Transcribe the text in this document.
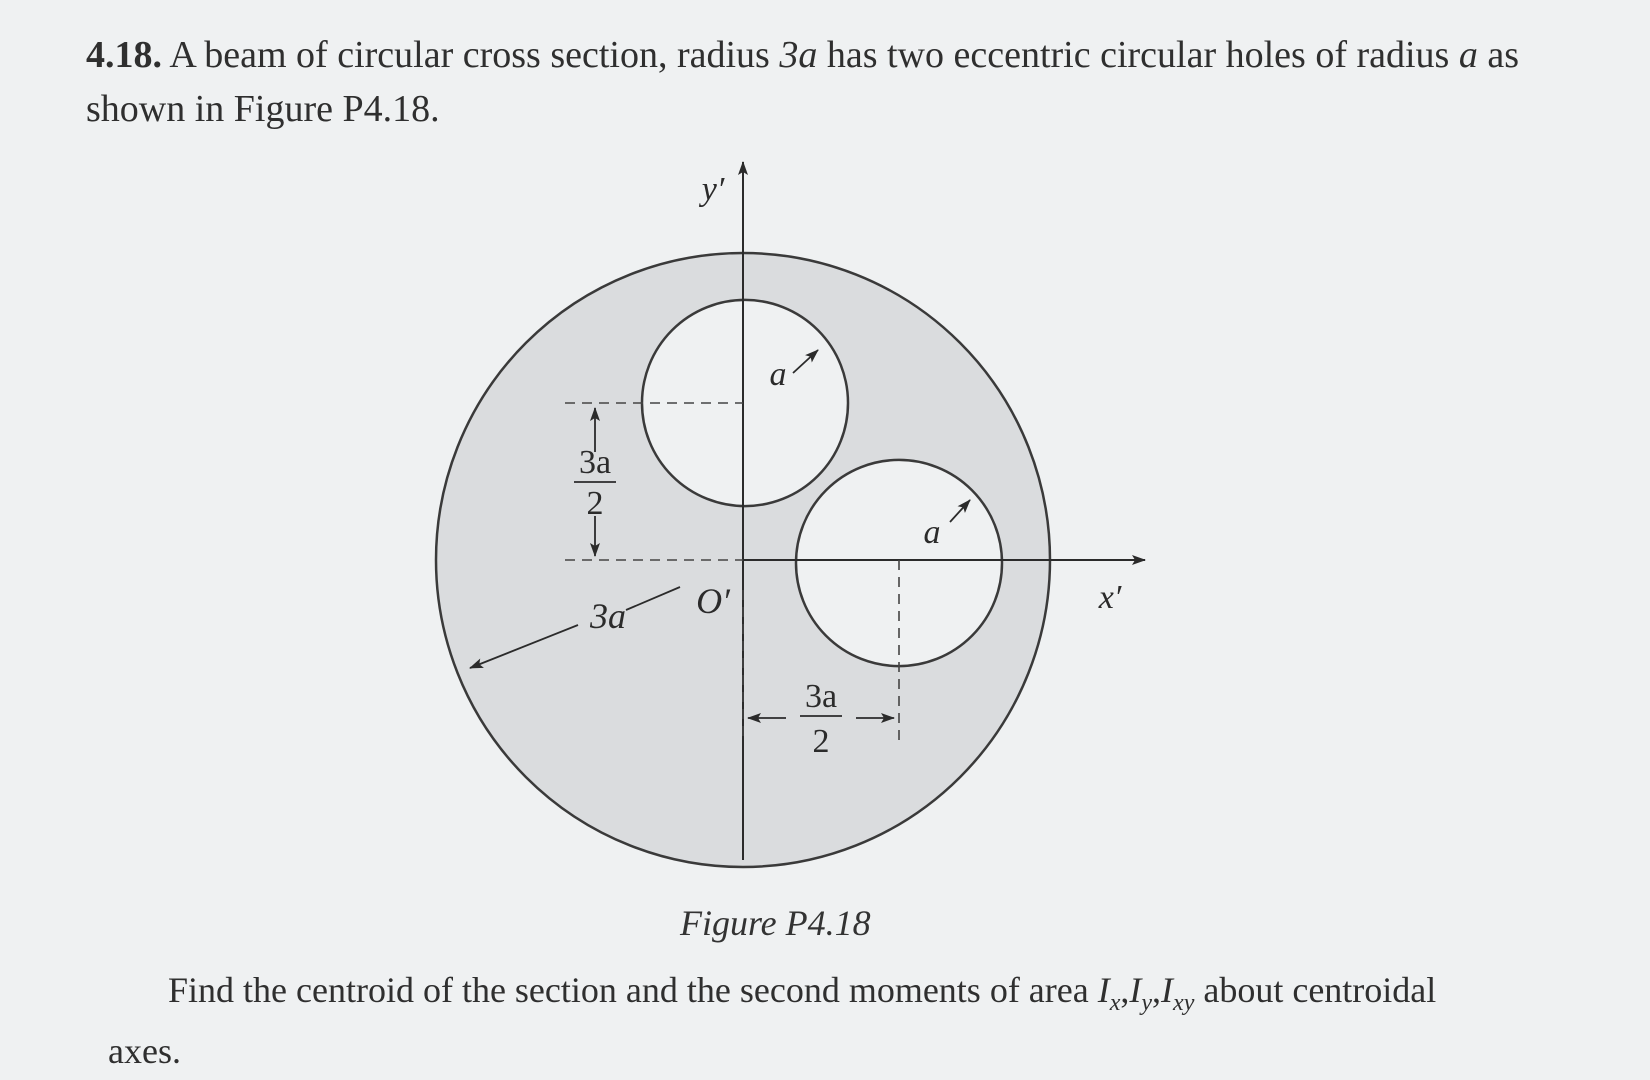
4.18. A beam of circular cross section, radius 3a has two eccentric circular holes of radius a as shown in Figure P4.18.
3a
2
3a
2
3a
a
a
y′
x′
O′
Figure P4.18
Find the centroid of the section and the second moments of area $I_x,I_y,I_{xy}$ about centroidal axes.
